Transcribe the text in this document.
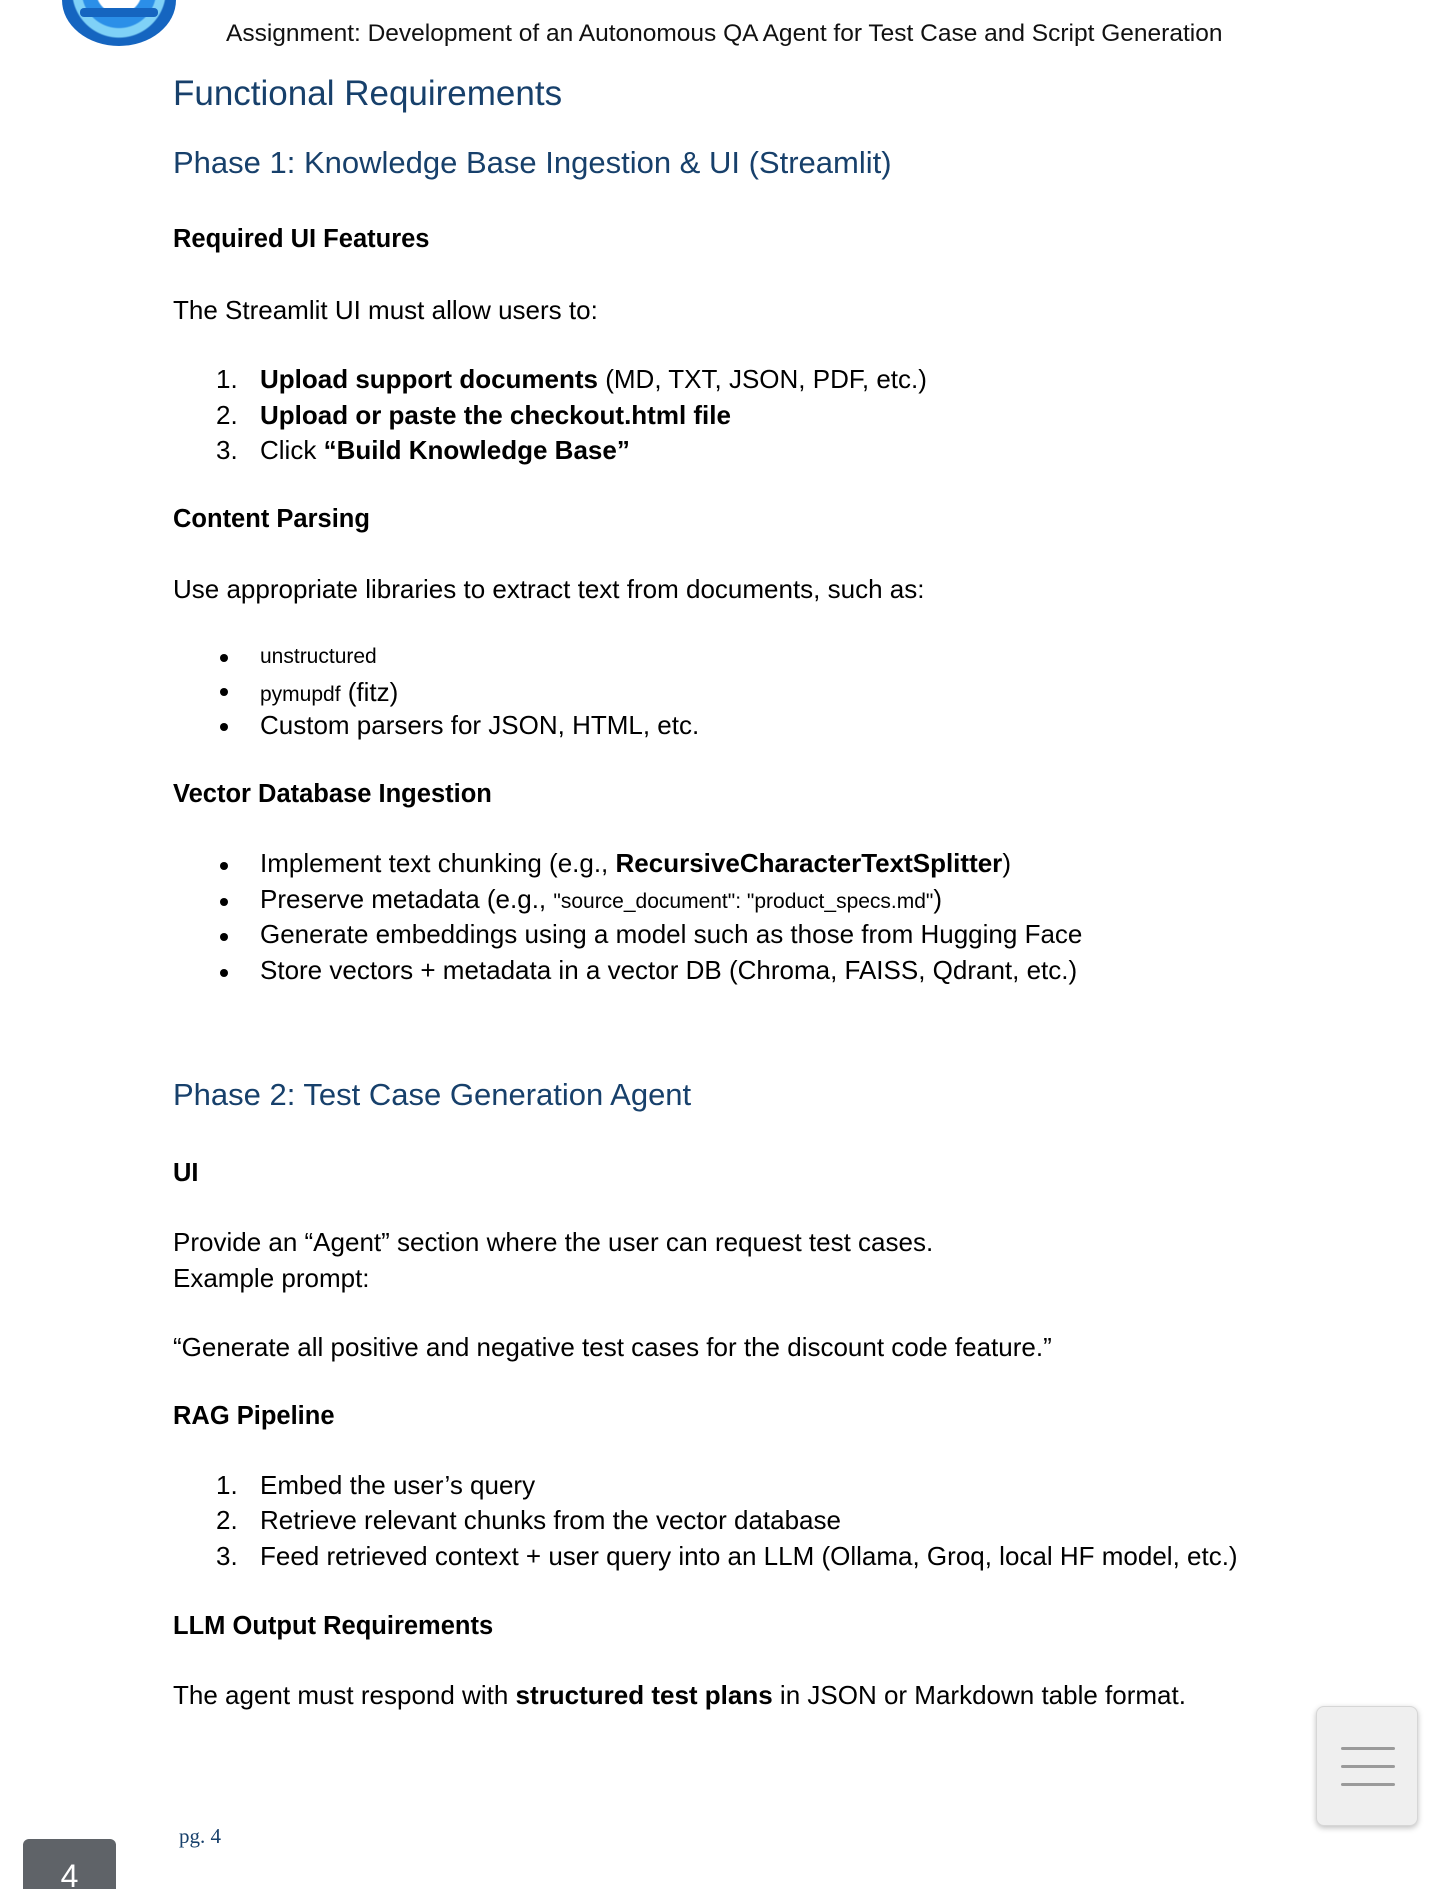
Assignment: Development of an Autonomous QA Agent for Test Case and Script Generation
Functional Requirements
Phase 1: Knowledge Base Ingestion & UI (Streamlit)
Required UI Features
The Streamlit UI must allow users to:
1. Upload support documents (MD, TXT, JSON, PDF, etc.)
2. Upload or paste the checkout.html file
3. Click “Build Knowledge Base”
Content Parsing
Use appropriate libraries to extract text from documents, such as:
unstructured
pymupdf (fitz)
Custom parsers for JSON, HTML, etc.
Vector Database Ingestion
Implement text chunking (e.g., RecursiveCharacterTextSplitter)
Preserve metadata (e.g., "source_document": "product_specs.md")
Generate embeddings using a model such as those from Hugging Face
Store vectors + metadata in a vector DB (Chroma, FAISS, Qdrant, etc.)
Phase 2: Test Case Generation Agent
UI
Provide an “Agent” section where the user can request test cases.
Example prompt:
“Generate all positive and negative test cases for the discount code feature.”
RAG Pipeline
1. Embed the user’s query
2. Retrieve relevant chunks from the vector database
3. Feed retrieved context + user query into an LLM (Ollama, Groq, local HF model, etc.)
LLM Output Requirements
The agent must respond with structured test plans in JSON or Markdown table format.
pg. 4
4
